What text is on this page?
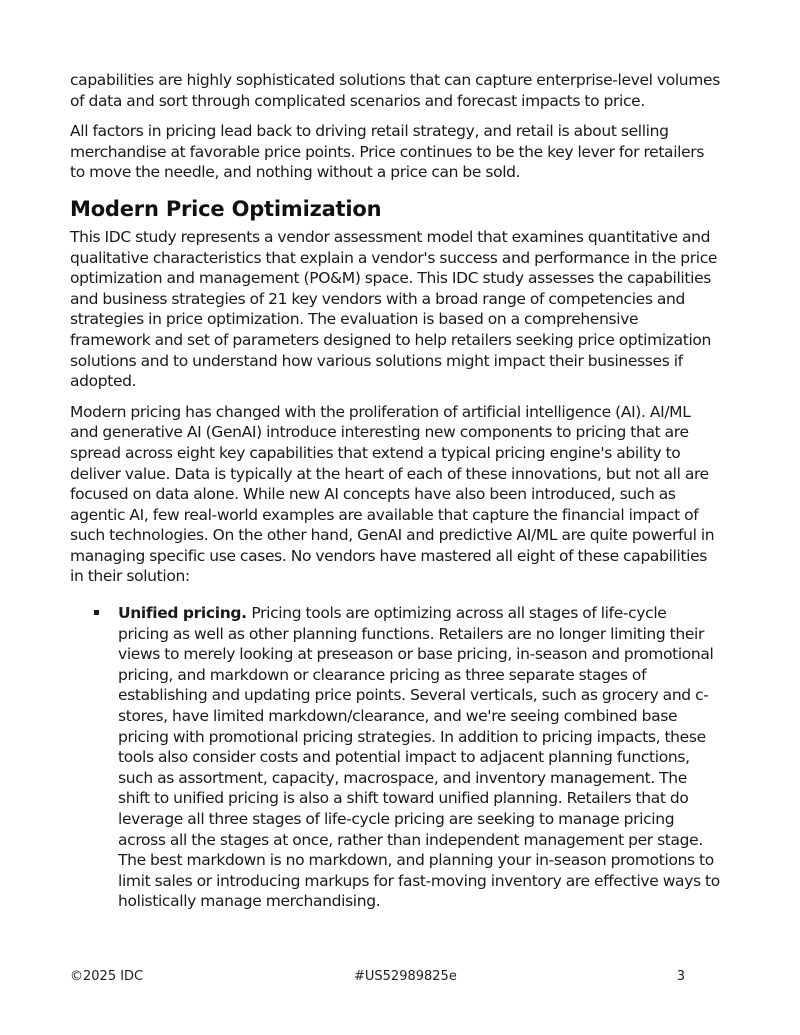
capabilities are highly sophisticated solutions that can capture enterprise-level volumes of data and sort through complicated scenarios and forecast impacts to price.

All factors in pricing lead back to driving retail strategy, and retail is about selling merchandise at favorable price points. Price continues to be the key lever for retailers to move the needle, and nothing without a price can be sold.

Modern Price Optimization

This IDC study represents a vendor assessment model that examines quantitative and qualitative characteristics that explain a vendor's success and performance in the price optimization and management (PO&M) space. This IDC study assesses the capabilities and business strategies of 21 key vendors with a broad range of competencies and strategies in price optimization. The evaluation is based on a comprehensive framework and set of parameters designed to help retailers seeking price optimization solutions and to understand how various solutions might impact their businesses if adopted.

Modern pricing has changed with the proliferation of artificial intelligence (AI). AI/ML and generative AI (GenAI) introduce interesting new components to pricing that are spread across eight key capabilities that extend a typical pricing engine's ability to deliver value. Data is typically at the heart of each of these innovations, but not all are focused on data alone. While new AI concepts have also been introduced, such as agentic AI, few real-world examples are available that capture the financial impact of such technologies. On the other hand, GenAI and predictive AI/ML are quite powerful in managing specific use cases. No vendors have mastered all eight of these capabilities in their solution:

Unified pricing. Pricing tools are optimizing across all stages of life-cycle pricing as well as other planning functions. Retailers are no longer limiting their views to merely looking at preseason or base pricing, in-season and promotional pricing, and markdown or clearance pricing as three separate stages of establishing and updating price points. Several verticals, such as grocery and c-stores, have limited markdown/clearance, and we're seeing combined base pricing with promotional pricing strategies. In addition to pricing impacts, these tools also consider costs and potential impact to adjacent planning functions, such as assortment, capacity, macrospace, and inventory management. The shift to unified pricing is also a shift toward unified planning. Retailers that do leverage all three stages of life-cycle pricing are seeking to manage pricing across all the stages at once, rather than independent management per stage. The best markdown is no markdown, and planning your in-season promotions to limit sales or introducing markups for fast-moving inventory are effective ways to holistically manage merchandising.
©2025 IDC	#US52989825e	3
